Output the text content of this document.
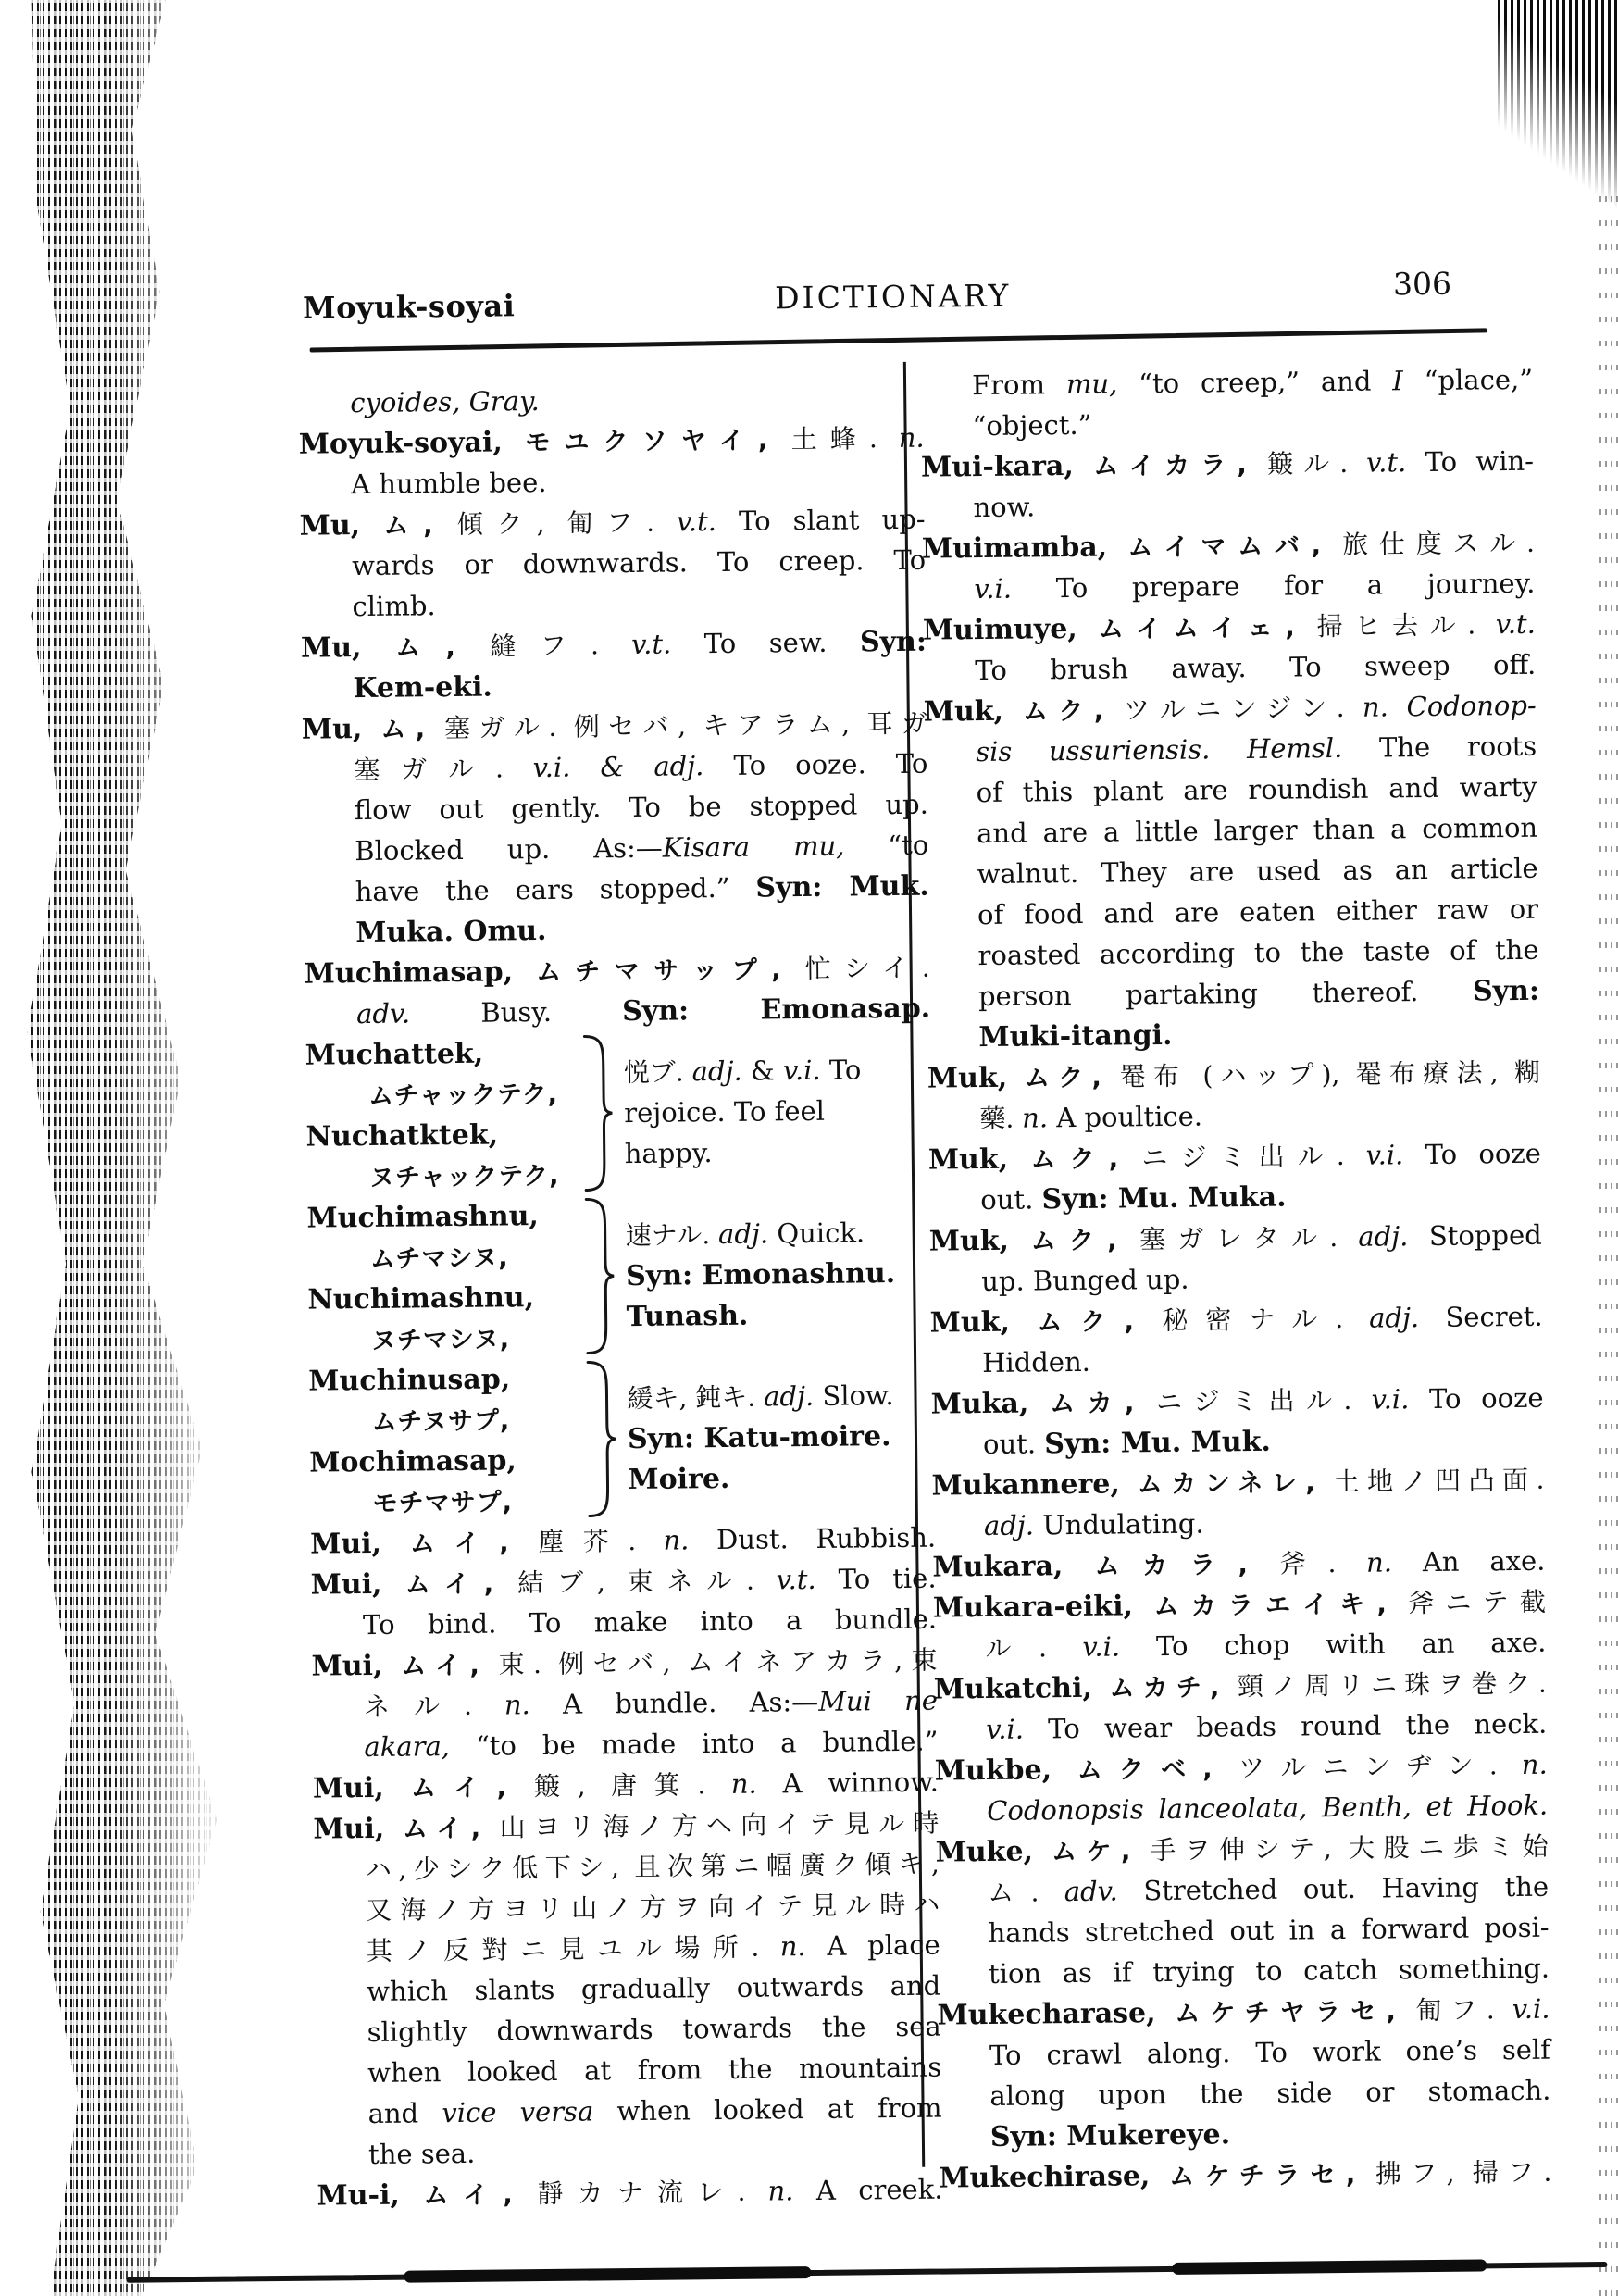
Moyuk-soyai	DICTIONARY	306
cyoides, Gray.
Moyuk-soyai, モユクソヤイ, 土蜂. n.
A humble bee.
Mu, ム, 傾ク, 匍フ. v.t. To slant up-
wards or downwards. To creep. To
climb.
Mu, ム, 縫フ. v.t. To sew. Syn:
Kem-eki.
Mu, ム, 塞ガル. 例セバ, キアラム, 耳ガ
塞ガル. v.i. & adj. To ooze. To
flow out gently. To be stopped up.
Blocked up. As:—Kisara mu, “to
have the ears stopped.” Syn: Muk.
Muka. Omu.
Muchimasap, ムチマサップ, 忙シイ.
adv. Busy. Syn: Emonasap.
Muchattek,
ムチャックテク,
Nuchatktek,
ヌチャックテク,
悦ブ. adj. & v.i. To
rejoice. To feel
happy.
Muchimashnu,
ムチマシヌ,
Nuchimashnu,
ヌチマシヌ,
速ナル. adj. Quick.
Syn: Emonashnu.
Tunash.
Muchinusap,
ムチヌサプ,
Mochimasap,
モチマサプ,
緩キ, 鈍キ. adj. Slow.
Syn: Katu-moire.
Moire.
Mui, ムイ, 塵芥. n. Dust. Rubbish.
Mui, ムイ, 結ブ, 束ネル. v.t. To tie.
To bind. To make into a bundle.
Mui, ムイ, 束. 例セバ, ムイネアカラ,束
ネル. n. A bundle. As:—Mui ne
akara, “to be made into a bundle.”
Mui, ムイ, 簸, 唐箕. n. A winnow.
Mui, ムイ, 山ヨリ海ノ方ヘ向イテ見ル時
ハ,少シク低下シ, 且次第ニ幅廣ク傾キ,
又海ノ方ヨリ山ノ方ヲ向イテ見ル時ハ
其ノ反對ニ見ユル場所. n. A place
which slants gradually outwards and
slightly downwards towards the sea
when looked at from the mountains
and vice versa when looked at from
the sea.
Mu-i, ムイ, 靜カナ流レ. n. A creek.
From mu, “to creep,” and I “place,”
“object.”
Mui-kara, ムイカラ, 簸ル. v.t. To win-
now.
Muimamba, ムイマムバ, 旅仕度スル.
v.i. To prepare for a journey.
Muimuye, ムイムイェ, 掃ヒ去ル. v.t.
To brush away. To sweep off.
Muk, ムク, ツルニンジン. n. Codonop-
sis ussuriensis. Hemsl. The roots
of this plant are roundish and warty
and are a little larger than a common
walnut. They are used as an article
of food and are eaten either raw or
roasted according to the taste of the
person partaking thereof. Syn:
Muki-itangi.
Muk, ムク, 罨布 (ハップ), 罨布療法, 糊
藥. n. A poultice.
Muk, ムク, ニジミ出ル. v.i. To ooze
out. Syn: Mu. Muka.
Muk, ムク, 塞ガレタル. adj. Stopped
up. Bunged up.
Muk, ムク, 秘密ナル. adj. Secret.
Hidden.
Muka, ムカ, ニジミ出ル. v.i. To ooze
out. Syn: Mu. Muk.
Mukannere, ムカンネレ, 土地ノ凹凸面.
adj. Undulating.
Mukara, ムカラ, 斧. n. An axe.
Mukara-eiki, ムカラエイキ, 斧ニテ截
ル. v.i. To chop with an axe.
Mukatchi, ムカチ, 頸ノ周リニ珠ヲ巻ク.
v.i. To wear beads round the neck.
Mukbe, ムクベ, ツルニンヂン. n.
Codonopsis lanceolata, Benth, et Hook.
Muke, ムケ, 手ヲ伸シテ, 大股ニ歩ミ始
ム. adv. Stretched out. Having the
hands stretched out in a forward posi-
tion as if trying to catch something.
Mukecharase, ムケチヤラセ, 匍フ. v.i.
To crawl along. To work one’s self
along upon the side or stomach.
Syn: Mukereye.
Mukechirase, ムケチラセ, 拂フ, 掃フ.
